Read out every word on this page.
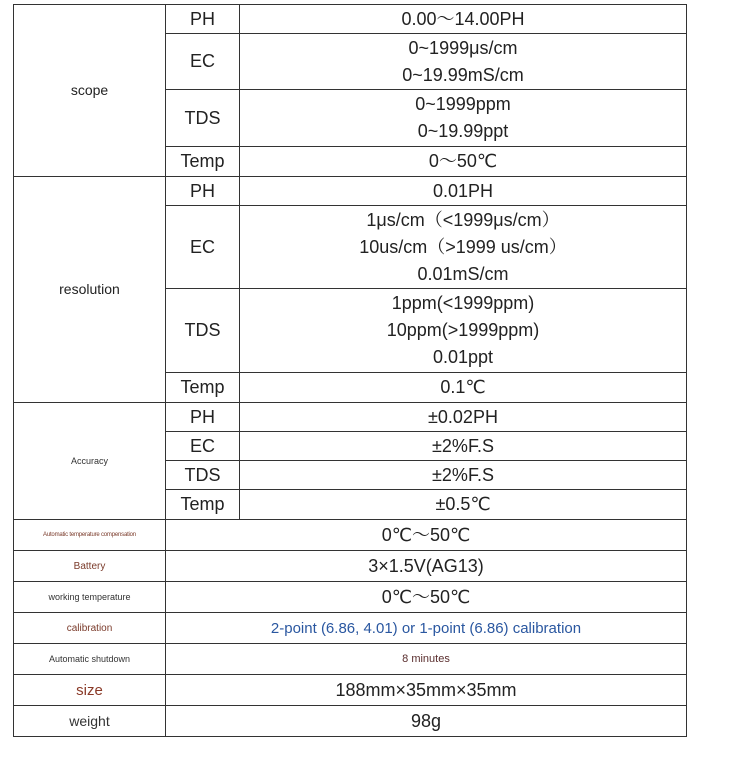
scope	PH	0.00～14.00PH
	EC	0~1999μs/cm
0~19.99mS/cm

	TDS	0~1999ppm
0~19.99ppt

	Temp	0～50℃
resolution	PH	0.01PH
	EC	1μs/cm（<1999μs/cm）
10us/cm（>1999 us/cm）
0.01mS/cm

	TDS	1ppm(<1999ppm)
10ppm(>1999ppm)
0.01ppt

	Temp	0.1℃
Accuracy	PH	±0.02PH
	EC	±2%F.S
	TDS	±2%F.S
	Temp	±0.5℃
Automatic temperature compensation	0℃～50℃	
Battery	3×1.5V(AG13)	
working temperature	0℃～50℃	
calibration	2-point (6.86, 4.01) or 1-point (6.86) calibration	
Automatic shutdown	8 minutes	
size	188mm×35mm×35mm	
weight	98g	
